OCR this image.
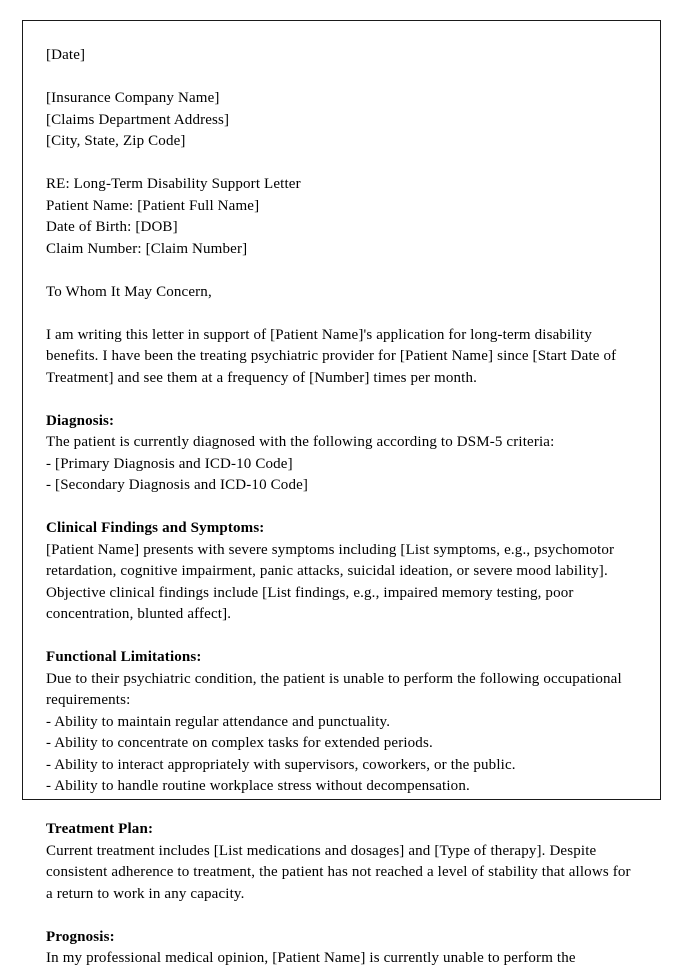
[Date]
[Insurance Company Name]
[Claims Department Address]
[City, State, Zip Code]
RE: Long-Term Disability Support Letter
Patient Name: [Patient Full Name]
Date of Birth: [DOB]
Claim Number: [Claim Number]
To Whom It May Concern,
I am writing this letter in support of [Patient Name]'s application for long-term disability benefits. I have been the treating psychiatric provider for [Patient Name] since [Start Date of Treatment] and see them at a frequency of [Number] times per month.
Diagnosis:
The patient is currently diagnosed with the following according to DSM-5 criteria:
- [Primary Diagnosis and ICD-10 Code]
- [Secondary Diagnosis and ICD-10 Code]
Clinical Findings and Symptoms:
[Patient Name] presents with severe symptoms including [List symptoms, e.g., psychomotor retardation, cognitive impairment, panic attacks, suicidal ideation, or severe mood lability]. Objective clinical findings include [List findings, e.g., impaired memory testing, poor concentration, blunted affect].
Functional Limitations:
Due to their psychiatric condition, the patient is unable to perform the following occupational requirements:
- Ability to maintain regular attendance and punctuality.
- Ability to concentrate on complex tasks for extended periods.
- Ability to interact appropriately with supervisors, coworkers, or the public.
- Ability to handle routine workplace stress without decompensation.
Treatment Plan:
Current treatment includes [List medications and dosages] and [Type of therapy]. Despite consistent adherence to treatment, the patient has not reached a level of stability that allows for a return to work in any capacity.
Prognosis:
In my professional medical opinion, [Patient Name] is currently unable to perform the
